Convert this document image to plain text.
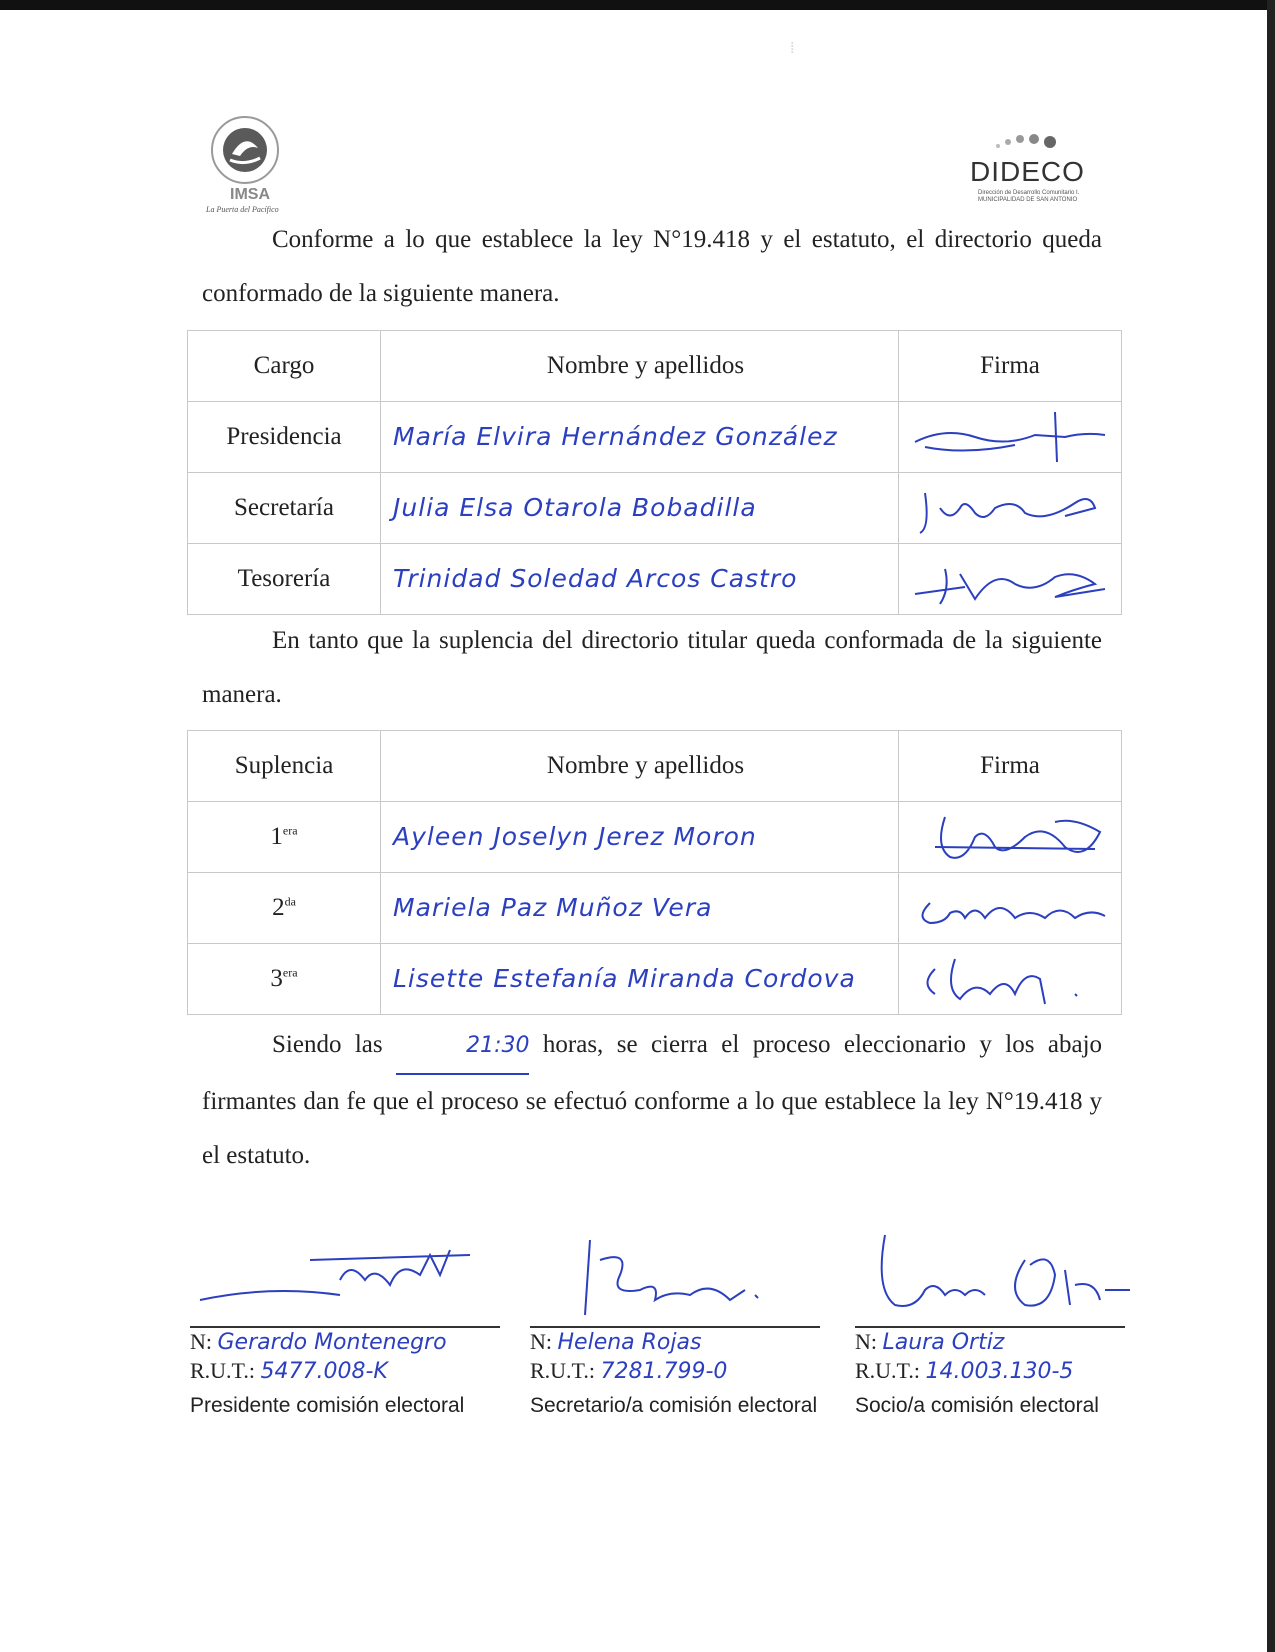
IMSA
La Puerta del Pacífico
DIDECO
Dirección de Desarrollo Comunitario I. MUNICIPALIDAD DE SAN ANTONIO
⁞

Conforme a lo que establece la ley N°19.418 y el estatuto, el directorio queda conformado de la siguiente manera.

Cargo	Nombre y apellidos	Firma
Presidencia	María Elvira Hernández González	

Secretaría	Julia Elsa Otarola Bobadilla	

Tesorería	Trinidad Soledad Arcos Castro	

En tanto que la suplencia del directorio titular queda conformada de la siguiente manera.

Suplencia	Nombre y apellidos	Firma
$1^{era}$	Ayleen Joselyn Jerez Moron	

$2^{da}$	Mariela Paz Muñoz Vera	

$3^{era}$	Lisette Estefanía Miranda Cordova	

Siendo las	21:30 horas, se cierra el proceso eleccionario y los abajo firmantes dan fe que el proceso se efectuó conforme a lo que establece la ley N°19.418 y el estatuto.

N: Gerardo Montenegro
R.U.T.: 5477.008-K
Presidente comisión electoral
N: Helena Rojas
R.U.T.: 7281.799-0
Secretario/a comisión electoral
N: Laura Ortiz
R.U.T.: 14.003.130-5
Socio/a comisión electoral
